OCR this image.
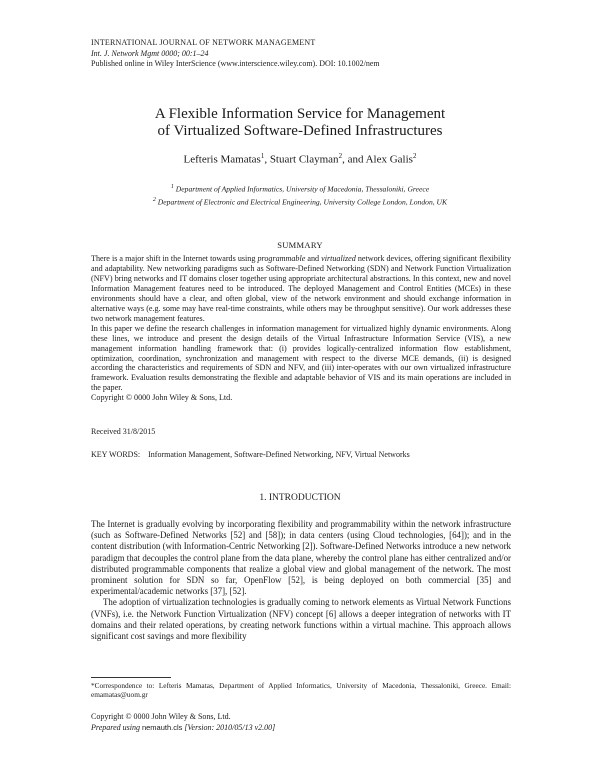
INTERNATIONAL JOURNAL OF NETWORK MANAGEMENT
Int. J. Network Mgmt 0000; 00:1–24
Published online in Wiley InterScience (www.interscience.wiley.com). DOI: 10.1002/nem
A Flexible Information Service for Management
of Virtualized Software-Defined Infrastructures
Lefteris Mamatas$^1$, Stuart Clayman$^2$, and Alex Galis$^2$
$^1$ Department of Applied Informatics, University of Macedonia, Thessaloniki, Greece
$^2$ Department of Electronic and Electrical Engineering, University College London, London, UK
SUMMARY

There is a major shift in the Internet towards using programmable and virtualized network devices, offering significant flexibility and adaptability. New networking paradigms such as Software-Defined Networking (SDN) and Network Function Virtualization (NFV) bring networks and IT domains closer together using appropriate architectural abstractions. In this context, new and novel Information Management features need to be introduced. The deployed Management and Control Entities (MCEs) in these environments should have a clear, and often global, view of the network environment and should exchange information in alternative ways (e.g. some may have real-time constraints, while others may be throughput sensitive). Our work addresses these two network management features.

In this paper we define the research challenges in information management for virtualized highly dynamic environments. Along these lines, we introduce and present the design details of the Virtual Infrastructure Information Service (VIS), a new management information handling framework that: (i) provides logically-centralized information flow establishment, optimization, coordination, synchronization and management with respect to the diverse MCE demands, (ii) is designed according the characteristics and requirements of SDN and NFV, and (iii) inter-operates with our own virtualized infrastructure framework. Evaluation results demonstrating the flexible and adaptable behavior of VIS and its main operations are included in the paper.

Copyright © 0000 John Wiley & Sons, Ltd.

Received 31/8/2015
KEY WORDS: Information Management, Software-Defined Networking, NFV, Virtual Networks
1. INTRODUCTION

The Internet is gradually evolving by incorporating flexibility and programmability within the network infrastructure (such as Software-Defined Networks [52] and [58]); in data centers (using Cloud technologies, [64]); and in the content distribution (with Information-Centric Networking [2]). Software-Defined Networks introduce a new network paradigm that decouples the control plane from the data plane, whereby the control plane has either centralized and/or distributed programmable components that realize a global view and global management of the network. The most prominent solution for SDN so far, OpenFlow [52], is being deployed on both commercial [35] and experimental/academic networks [37], [52].

The adoption of virtualization technologies is gradually coming to network elements as Virtual Network Functions (VNFs), i.e. the Network Function Virtualization (NFV) concept [6] allows a deeper integration of networks with IT domains and their related operations, by creating network functions within a virtual machine. This approach allows significant cost savings and more flexibility

*Correspondence to: Lefteris Mamatas, Department of Applied Informatics, University of Macedonia, Thessaloniki, Greece. Email: emamatas@uom.gr
Copyright © 0000 John Wiley & Sons, Ltd.
Prepared using nemauth.cls [Version: 2010/05/13 v2.00]
